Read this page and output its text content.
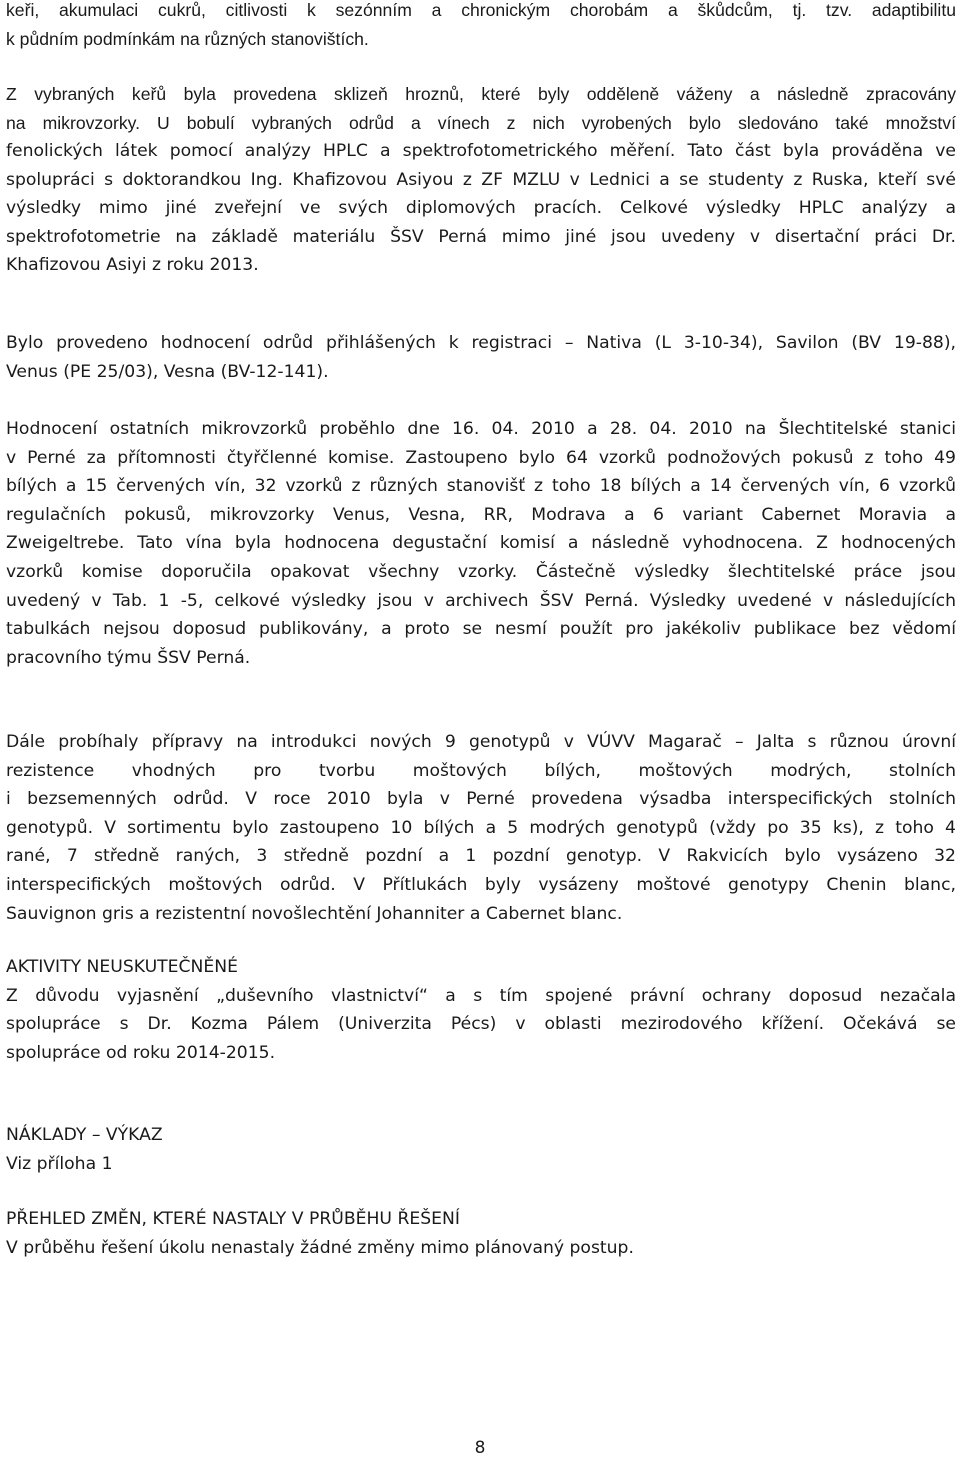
keři, akumulaci cukrů, citlivosti k sezónním a chronickým chorobám a škůdcům, tj. tzv. adaptibilitu
k půdním podmínkám na různých stanovištích.
Z vybraných keřů byla provedena sklizeň hroznů, které byly odděleně váženy a následně zpracovány
na mikrovzorky. U bobulí vybraných odrůd a vínech z nich vyrobených bylo sledováno také množství
fenolických látek pomocí analýzy HPLC a spektrofotometrického měření. Tato část byla prováděna ve
spolupráci s doktorandkou Ing. Khafizovou Asiyou z ZF MZLU v Lednici a se studenty z Ruska, kteří své
výsledky mimo jiné zveřejní ve svých diplomových pracích. Celkové výsledky HPLC analýzy a
spektrofotometrie na základě materiálu ŠSV Perná mimo jiné jsou uvedeny v disertační práci Dr.
Khafizovou Asiyi z roku 2013.
Bylo provedeno hodnocení odrůd přihlášených k registraci – Nativa (L 3-10-34), Savilon (BV 19-88),
Venus (PE 25/03), Vesna (BV-12-141).
Hodnocení ostatních mikrovzorků proběhlo dne 16. 04. 2010 a 28. 04. 2010 na Šlechtitelské stanici
v Perné za přítomnosti čtyřčlenné komise. Zastoupeno bylo 64 vzorků podnožových pokusů z toho 49
bílých a 15 červených vín, 32 vzorků z různých stanovišť z toho 18 bílých a 14 červených vín, 6 vzorků
regulačních pokusů, mikrovzorky Venus, Vesna, RR, Modrava a 6 variant Cabernet Moravia a
Zweigeltrebe. Tato vína byla hodnocena degustační komisí a následně vyhodnocena. Z hodnocených
vzorků komise doporučila opakovat všechny vzorky. Částečně výsledky šlechtitelské práce jsou
uvedený v Tab. 1 -5, celkové výsledky jsou v archivech ŠSV Perná. Výsledky uvedené v následujících
tabulkách nejsou doposud publikovány, a proto se nesmí použít pro jakékoliv publikace bez vědomí
pracovního týmu ŠSV Perná.
Dále probíhaly přípravy na introdukci nových 9 genotypů v VÚVV Magarač – Jalta s různou úrovní
rezistence vhodných pro tvorbu moštových bílých, moštových modrých, stolních
i bezsemenných odrůd. V roce 2010 byla v Perné provedena výsadba interspecifických stolních
genotypů. V sortimentu bylo zastoupeno 10 bílých a 5 modrých genotypů (vždy po 35 ks), z toho 4
rané, 7 středně raných, 3 středně pozdní a 1 pozdní genotyp. V Rakvicích bylo vysázeno 32
interspecifických moštových odrůd. V Přítlukách byly vysázeny moštové genotypy Chenin blanc,
Sauvignon gris a rezistentní novošlechtění Johanniter a Cabernet blanc.
AKTIVITY NEUSKUTEČNĚNÉ
Z důvodu vyjasnění „duševního vlastnictví“ a s tím spojené právní ochrany doposud nezačala
spolupráce s Dr. Kozma Pálem (Univerzita Pécs) v oblasti mezirodového křížení. Očekává se
spolupráce od roku 2014-2015.
NÁKLADY – VÝKAZ
Viz příloha 1
PŘEHLED ZMĚN, KTERÉ NASTALY V PRŮBĚHU ŘEŠENÍ
V průběhu řešení úkolu nenastaly žádné změny mimo plánovaný postup.
8
